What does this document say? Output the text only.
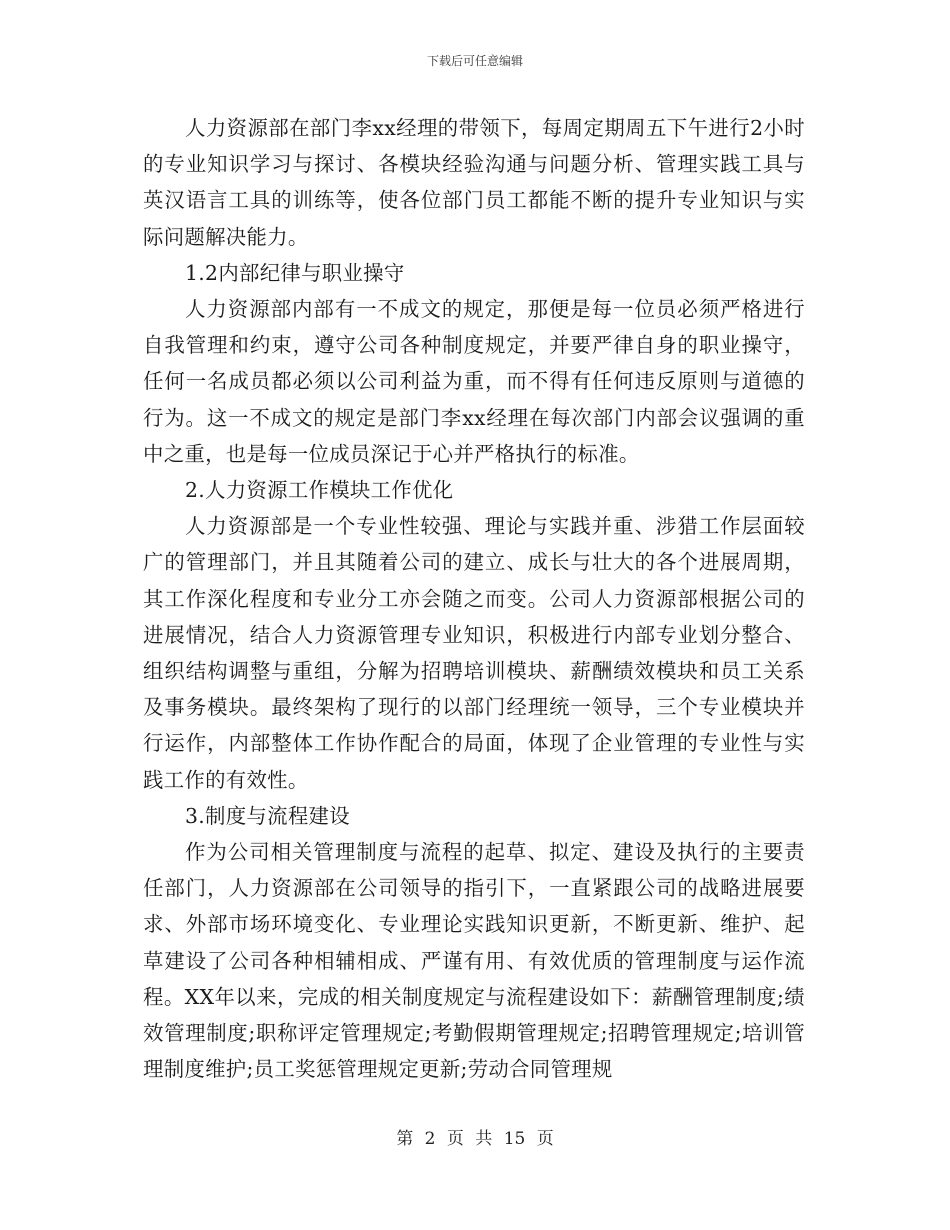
下载后可任意编辑

人力资源部在部门李xx经理的带领下，每周定期周五下午进行2小时的专业知识学习与探讨、各模块经验沟通与问题分析、管理实践工具与英汉语言工具的训练等，使各位部门员工都能不断的提升专业知识与实际问题解决能力。

1.2内部纪律与职业操守

人力资源部内部有一不成文的规定，那便是每一位员必须严格进行自我管理和约束，遵守公司各种制度规定，并要严律自身的职业操守，任何一名成员都必须以公司利益为重，而不得有任何违反原则与道德的行为。这一不成文的规定是部门李xx经理在每次部门内部会议强调的重中之重，也是每一位成员深记于心并严格执行的标准。

2.人力资源工作模块工作优化

人力资源部是一个专业性较强、理论与实践并重、涉猎工作层面较广的管理部门，并且其随着公司的建立、成长与壮大的各个进展周期，其工作深化程度和专业分工亦会随之而变。公司人力资源部根据公司的进展情况，结合人力资源管理专业知识，积极进行内部专业划分整合、组织结构调整与重组，分解为招聘培训模块、薪酬绩效模块和员工关系及事务模块。最终架构了现行的以部门经理统一领导，三个专业模块并行运作，内部整体工作协作配合的局面，体现了企业管理的专业性与实践工作的有效性。

3.制度与流程建设

作为公司相关管理制度与流程的起草、拟定、建设及执行的主要责任部门，人力资源部在公司领导的指引下，一直紧跟公司的战略进展要求、外部市场环境变化、专业理论实践知识更新，不断更新、维护、起草建设了公司各种相辅相成、严谨有用、有效优质的管理制度与运作流程。XX年以来，完成的相关制度规定与流程建设如下：薪酬管理制度;绩效管理制度;职称评定管理规定;考勤假期管理规定;招聘管理规定;培训管理制度维护;员工奖惩管理规定更新;劳动合同管理规

第 2 页 共 15 页
